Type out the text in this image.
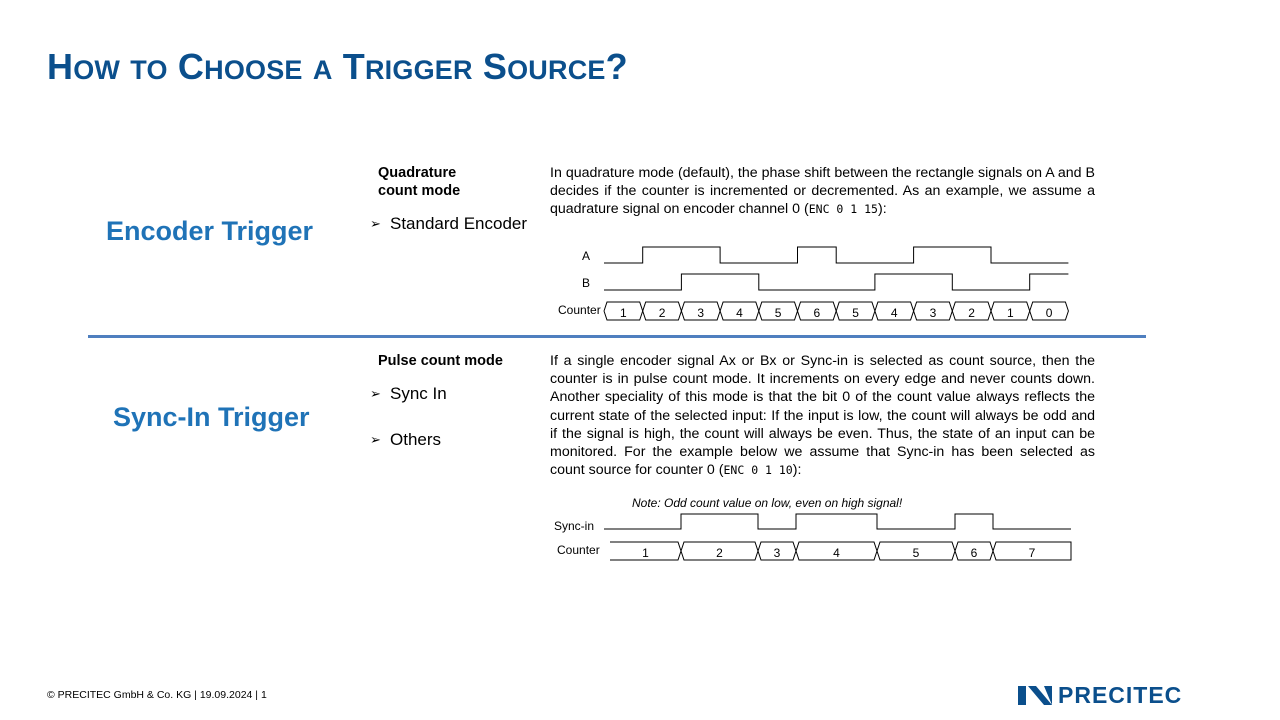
HOW TO CHOOSE A TRIGGER SOURCE?
Encoder Trigger	➢ Standard Encoder
Quadrature
count mode
In quadrature mode (default), the phase shift between the rectangle signals on A and B decides if the counter is incremented or decremented. As an example, we assume a quadrature signal on encoder channel 0 (ENC 0 1 15):
A
B
Counter 1	2	3	4	5	6	5	4	3	2	1	0
Sync-In Trigger
➢ Sync In
➢ Others
Pulse count mode	If a single encoder signal Ax or Bx or Sync-in is selected as count source, then the counter is in pulse count mode. It increments on every edge and never counts down. Another speciality of this mode is that the bit 0 of the count value always reflects the current state of the selected input: If the input is low, the count will always be odd and if the signal is high, the count will always be even. Thus, the state of an input can be monitored. For the example below we assume that Sync-in has been selected as count source for counter 0 (ENC 0 1 10):
Note: Odd count value on low, even on high signal!
Sync-in
Counter	1	2	3	4	5	6	7
© PRECITEC GmbH & Co. KG | 19.09.2024 | 1	PRECITEC
